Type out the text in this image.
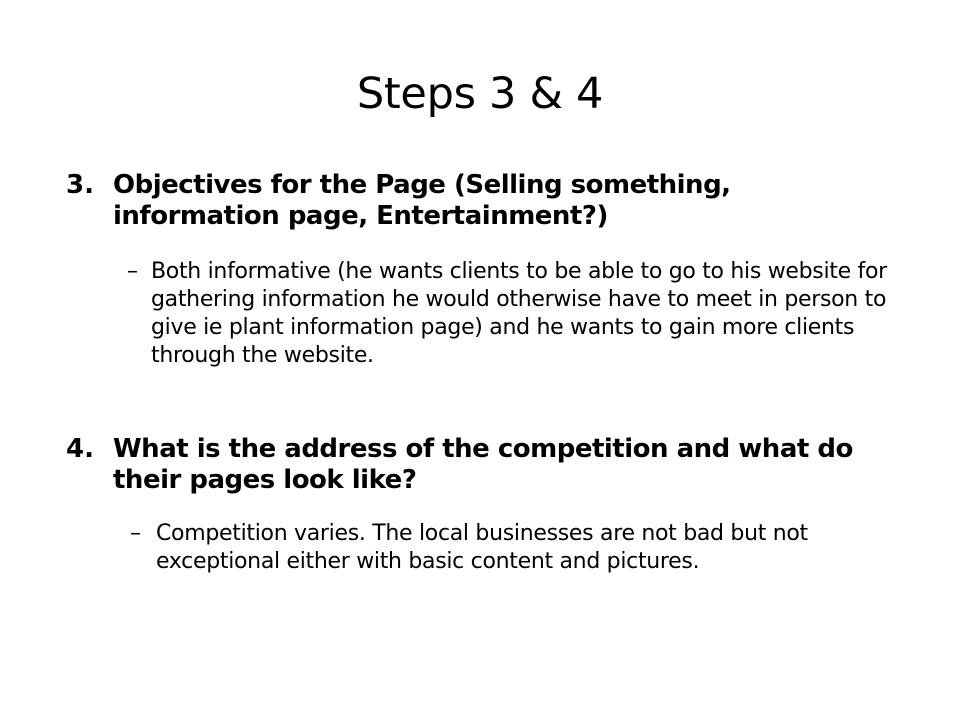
Steps 3 & 4
3. Objectives for the Page (Selling something, information page, Entertainment?)
– Both informative (he wants clients to be able to go to his website for gathering information he would otherwise have to meet in person to give ie plant information page) and he wants to gain more clients through the website.
4. What is the address of the competition and what do their pages look like?
– Competition varies. The local businesses are not bad but not exceptional either with basic content and pictures.
